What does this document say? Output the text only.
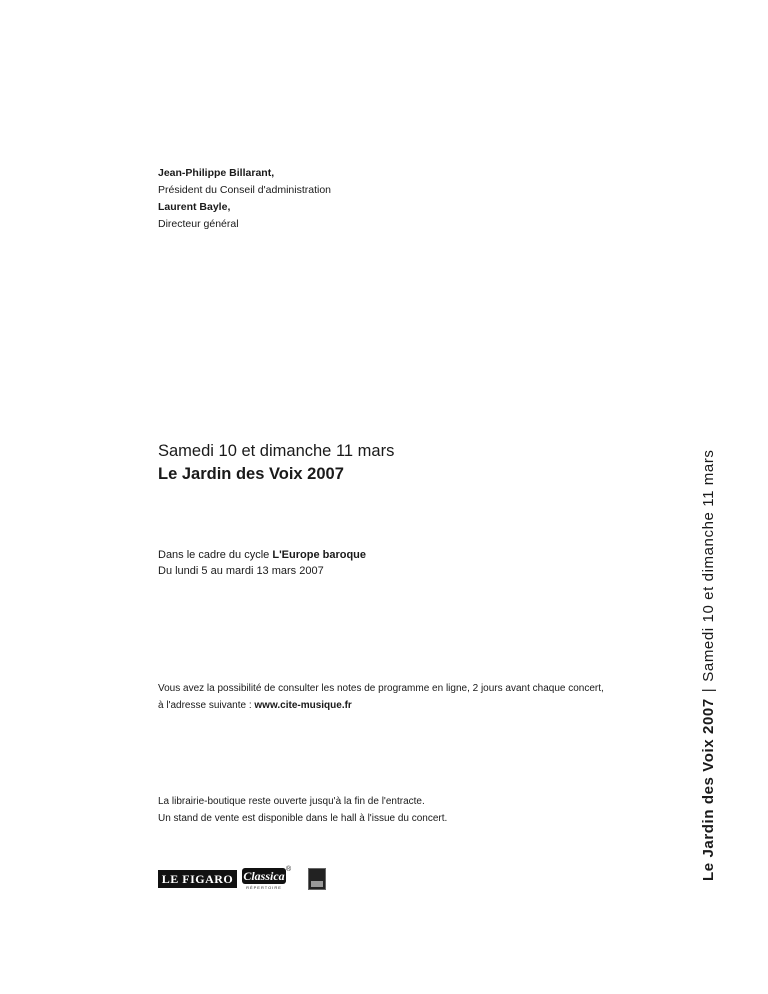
Jean-Philippe Billarant,
Président du Conseil d'administration
Laurent Bayle,
Directeur général
Samedi 10 et dimanche 11 mars
Le Jardin des Voix 2007
Dans le cadre du cycle L'Europe baroque
Du lundi 5 au mardi 13 mars 2007
Vous avez la possibilité de consulter les notes de programme en ligne, 2 jours avant chaque concert,
à l'adresse suivante : www.cite-musique.fr
La librairie-boutique reste ouverte jusqu'à la fin de l'entracte.
Un stand de vente est disponible dans le hall à l'issue du concert.
LE FIGARO Classica
RÉPERTOIRE
®	Le Jardin des Voix 2007|Samedi 10 et dimanche 11 mars
